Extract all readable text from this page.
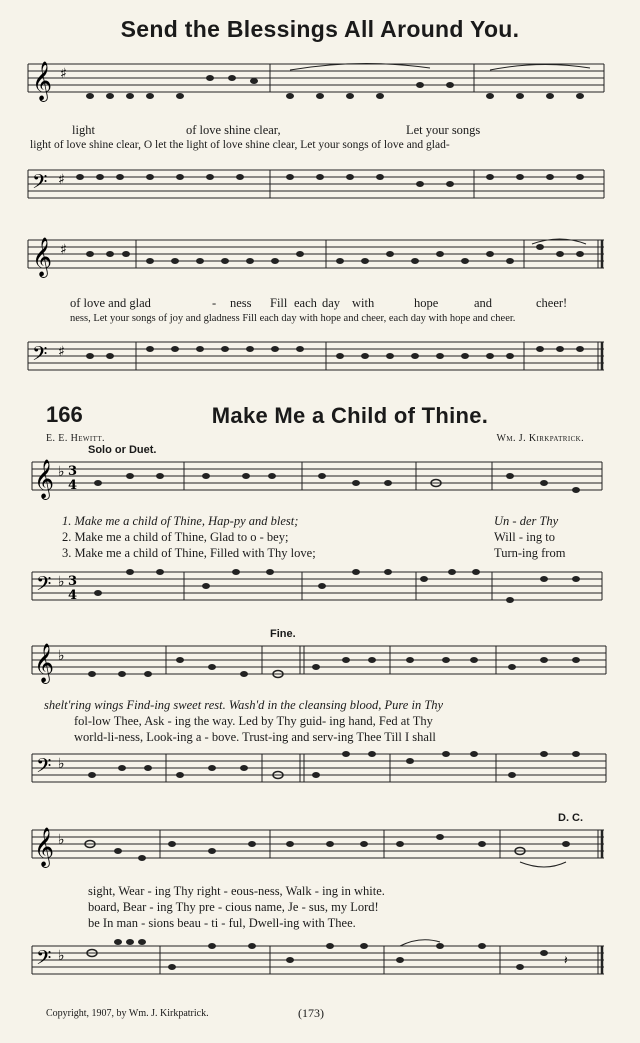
Send the Blessings All Around You.
𝄞 ♯
light	of love shine clear,	Let your songs
light of love shine clear, O let the light of love shine clear, Let your songs of love and glad-
𝄢 ♯
𝄞 ♯
of love and glad	- ness Fill each day with	hope	and	cheer!
ness, Let your songs of joy and gladness Fill each day with hope and cheer, each day with hope and cheer.
𝄢 ♯
166	Make Me a Child of Thine.
E. E. Hewitt.	Wm. J. Kirkpatrick.
Solo or Duet.
𝄞 ♭ 3
4
1. Make me a child of Thine, Hap-py and blest;
2. Make me a child of Thine, Glad to o - bey;
3. Make me a child of Thine, Filled with Thy love;
Un - der Thy
Will - ing to
Turn-ing from
𝄢 ♭ 3
4
Fine.
𝄞 ♭
shelt'ring wings Find-ing sweet rest. Wash'd in the cleansing blood, Pure in Thy
fol-low Thee, Ask - ing the way. Led by Thy guid- ing hand, Fed at Thy
world-li-ness, Look-ing a - bove. Trust-ing and serv-ing Thee Till I shall
𝄢 ♭
D. C.
𝄞 ♭
sight, Wear - ing Thy right - eous-ness, Walk - ing in white.
board, Bear - ing Thy pre - cious name, Je - sus, my Lord!
be In man - sions beau - ti - ful, Dwell-ing with Thee.
𝄢 ♭	𝄽
Copyright, 1907, by Wm. J. Kirkpatrick.	(173)
